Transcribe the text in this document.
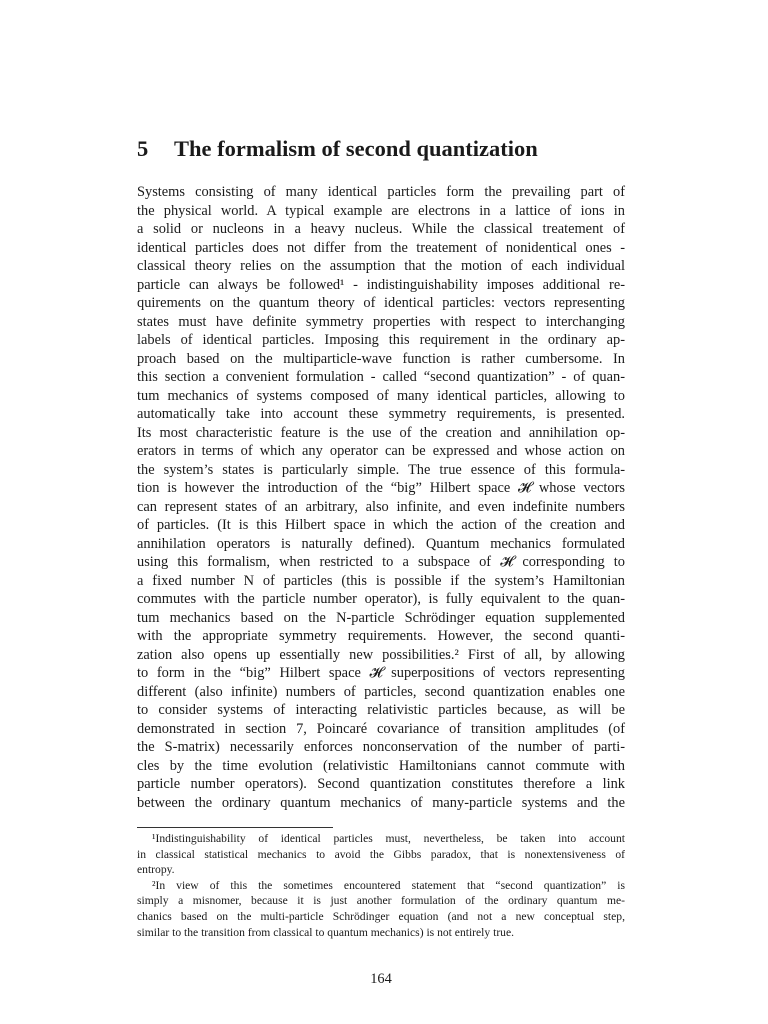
5 The formalism of second quantization
Systems consisting of many identical particles form the prevailing part of
the physical world. A typical example are electrons in a lattice of ions in
a solid or nucleons in a heavy nucleus. While the classical treatement of
identical particles does not differ from the treatement of nonidentical ones -
classical theory relies on the assumption that the motion of each individual
particle can always be followed¹ - indistinguishability imposes additional re-
quirements on the quantum theory of identical particles: vectors representing
states must have definite symmetry properties with respect to interchanging
labels of identical particles. Imposing this requirement in the ordinary ap-
proach based on the multiparticle-wave function is rather cumbersome. In
this section a convenient formulation - called “second quantization” - of quan-
tum mechanics of systems composed of many identical particles, allowing to
automatically take into account these symmetry requirements, is presented.
Its most characteristic feature is the use of the creation and annihilation op-
erators in terms of which any operator can be expressed and whose action on
the system’s states is particularly simple. The true essence of this formula-
tion is however the introduction of the “big” Hilbert space 𝓗 whose vectors
can represent states of an arbitrary, also infinite, and even indefinite numbers
of particles. (It is this Hilbert space in which the action of the creation and
annihilation operators is naturally defined). Quantum mechanics formulated
using this formalism, when restricted to a subspace of 𝓗 corresponding to
a fixed number N of particles (this is possible if the system’s Hamiltonian
commutes with the particle number operator), is fully equivalent to the quan-
tum mechanics based on the N-particle Schrödinger equation supplemented
with the appropriate symmetry requirements. However, the second quanti-
zation also opens up essentially new possibilities.² First of all, by allowing
to form in the “big” Hilbert space 𝓗 superpositions of vectors representing
different (also infinite) numbers of particles, second quantization enables one
to consider systems of interacting relativistic particles because, as will be
demonstrated in section 7, Poincaré covariance of transition amplitudes (of
the S-matrix) necessarily enforces nonconservation of the number of parti-
cles by the time evolution (relativistic Hamiltonians cannot commute with
particle number operators). Second quantization constitutes therefore a link
between the ordinary quantum mechanics of many-particle systems and the
¹Indistinguishability of identical particles must, nevertheless, be taken into account
in classical statistical mechanics to avoid the Gibbs paradox, that is nonextensiveness of
entropy.
²In view of this the sometimes encountered statement that “second quantization” is
simply a misnomer, because it is just another formulation of the ordinary quantum me-
chanics based on the multi-particle Schrödinger equation (and not a new conceptual step,
similar to the transition from classical to quantum mechanics) is not entirely true.
164
